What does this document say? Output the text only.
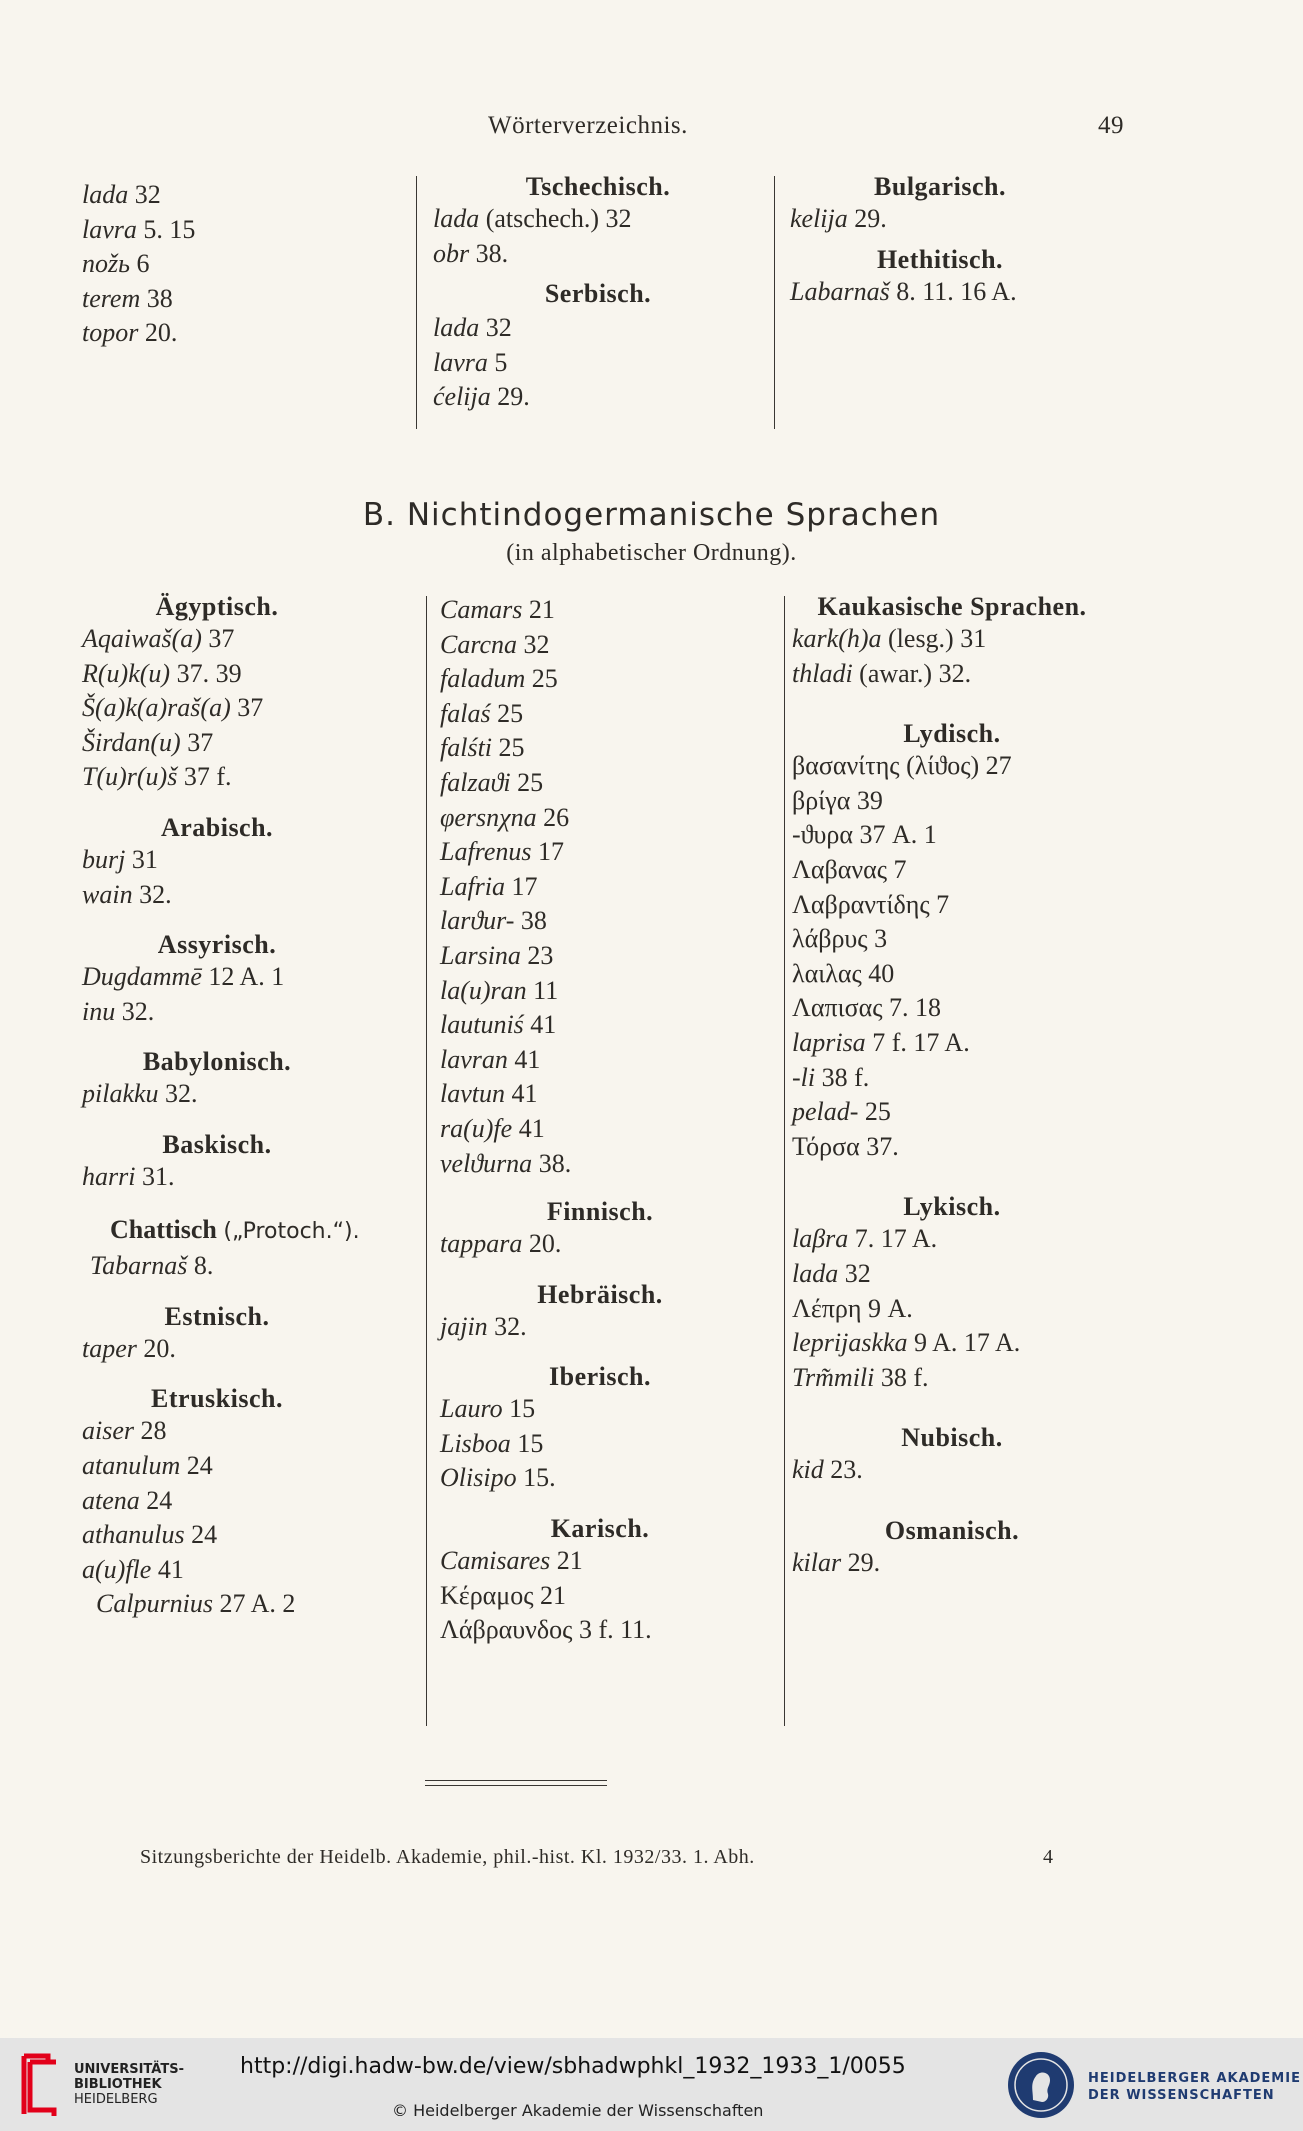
Wörterverzeichnis.	49
lada 32
lavra 5. 15
nožь 6
terem 38
topor 20.
Tschechisch.
lada (atschech.) 32
obr 38.
Serbisch.
lada 32
lavra 5
ćelija 29.
Bulgarisch.
kelija 29.
Hethitisch.
Labarnaš 8. 11. 16 A.
B. Nichtindogermanische Sprachen
(in alphabetischer Ordnung).
Ägyptisch.
Aqaiwaš(a) 37
R(u)k(u) 37. 39
Š(a)k(a)raš(a) 37
Širdan(u) 37
T(u)r(u)š 37 f.
Arabisch.
burj 31
wain 32.
Assyrisch.
Dugdammē 12 A. 1
inu 32.
Babylonisch.
pilakku 32.
Baskisch.
harri 31.
Chattisch („Protoch.“).
Tabarnaš 8.
Estnisch.
taper 20.
Etruskisch.
aiser 28
atanulum 24
atena 24
athanulus 24
a(u)fle 41
Calpurnius 27 A. 2
Camars 21
Carcna 32
faladum 25
falaś 25
falśti 25
falzaϑi 25
φersnχna 26
Lafrenus 17
Lafria 17
larϑur- 38
Larsina 23
la(u)ran 11
lautuniś 41
lavran 41
lavtun 41
ra(u)fe 41
velϑurna 38.
Finnisch.
tappara 20.
Hebräisch.
jajin 32.
Iberisch.
Lauro 15
Lisboa 15
Olisipo 15.
Karisch.
Camisares 21
Κέραμος 21
Λάβραυνδος 3 f. 11.
Kaukasische Sprachen.
kark(h)a (lesg.) 31
thladi (awar.) 32.
Lydisch.
βασανίτης (λίϑος) 27
βρίγα 39
-ϑυρα 37 A. 1
Λαβανας 7
Λαβραντίδης 7
λάβρυς 3
λαιλας 40
Λαπισας 7. 18
laprisa 7 f. 17 A.
-li 38 f.
pelad- 25
Τόρσα 37.
Lykisch.
laβra 7. 17 A.
lada 32
Λέπρη 9 A.
leprijaskka 9 A. 17 A.
Trm̃mili 38 f.
Nubisch.
kid 23.
Osmanisch.
kilar 29.
Sitzungsberichte der Heidelb. Akademie, phil.-hist. Kl. 1932/33. 1. Abh.	4
UNIVERSITÄTS-
BIBLIOTHEK
HEIDELBERG
http://digi.hadw-bw.de/view/sbhadwphkl_1932_1933_1/0055
© Heidelberger Akademie der Wissenschaften
HEIDELBERGER AKADEMIE
DER WISSENSCHAFTEN
